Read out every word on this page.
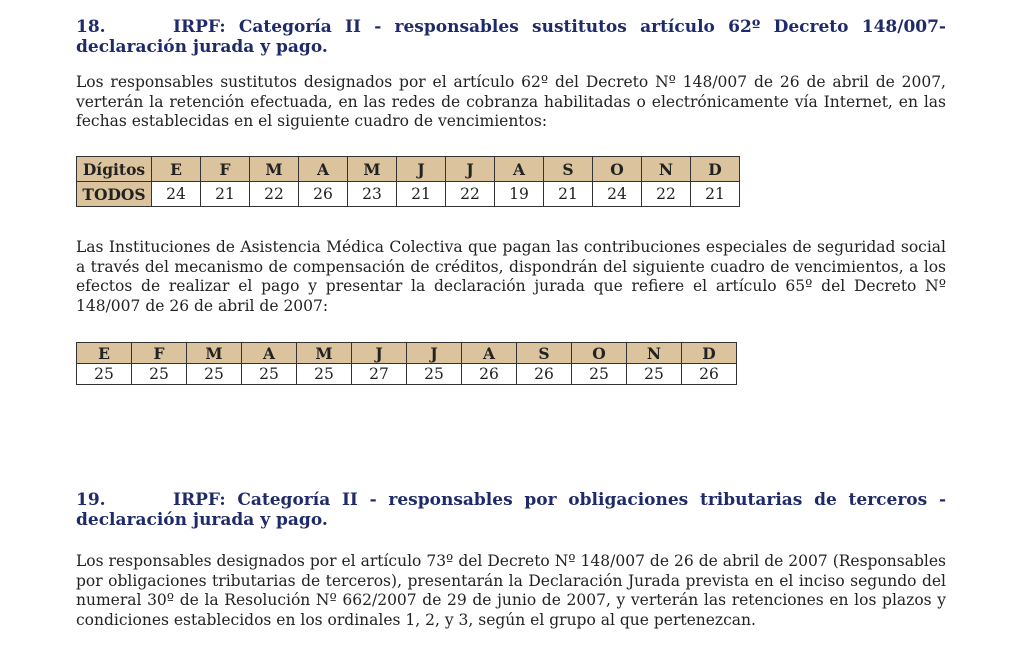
18.	IRPF: Categoría II - responsables sustitutos artículo 62º Decreto 148/007- declaración jurada y pago.
Los responsables sustitutos designados por el artículo 62º del Decreto Nº 148/007 de 26 de abril de 2007, verterán la retención efectuada, en las redes de cobranza habilitadas o electrónicamente vía Internet, en las fechas establecidas en el siguiente cuadro de vencimientos:
Dígitos	E	F	M	A	M	J	J	A	S	O	N	D
TODOS	24	21	22	26	23	21	22	19	21	24	22	21
Las Instituciones de Asistencia Médica Colectiva que pagan las contribuciones especiales de seguridad social a través del mecanismo de compensación de créditos, dispondrán del siguiente cuadro de vencimientos, a los efectos de realizar el pago y presentar la declaración jurada que refiere el artículo 65º del Decreto Nº 148/007 de 26 de abril de 2007:
E	F	M	A	M	J	J	A	S	O	N	D
25	25	25	25	25	27	25	26	26	25	25	26
19.	IRPF: Categoría II - responsables por obligaciones tributarias de terceros - declaración jurada y pago.
Los responsables designados por el artículo 73º del Decreto Nº 148/007 de 26 de abril de 2007 (Responsables por obligaciones tributarias de terceros), presentarán la Declaración Jurada prevista en el inciso segundo del numeral 30º de la Resolución Nº 662/2007 de 29 de junio de 2007, y verterán las retenciones en los plazos y condiciones establecidos en los ordinales 1, 2, y 3, según el grupo al que pertenezcan.
